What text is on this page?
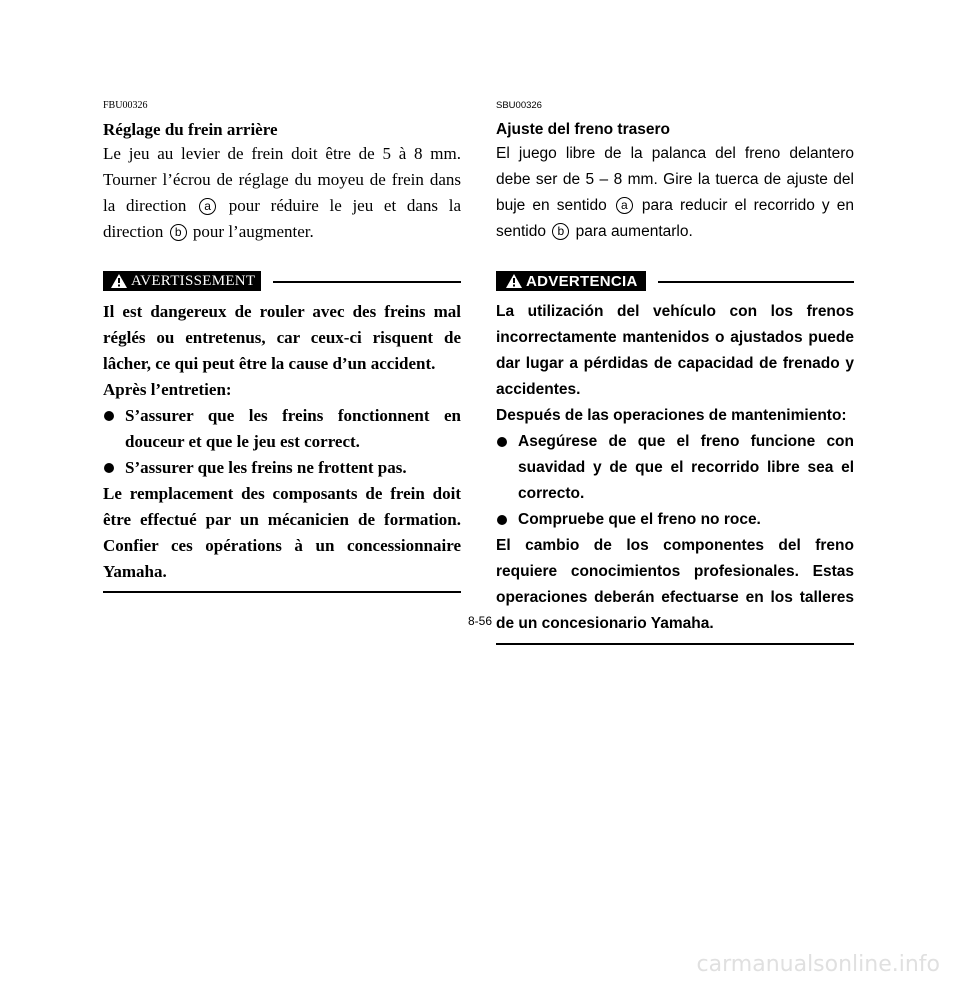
FBU00326

Réglage du frein arrière

Le jeu au levier de frein doit être de 5 à 8 mm. Tourner l’écrou de réglage du moyeu de frein dans la direction a pour réduire le jeu et dans la direction b pour l’augmenter.

AVERTISSEMENT

Il est dangereux de rouler avec des freins mal réglés ou entretenus, car ceux-ci risquent de lâcher, ce qui peut être la cause d’un accident.

Après l’entretien:

S’assurer que les freins fonctionnent en douceur et que le jeu est correct.
S’assurer que les freins ne frottent pas.

Le remplacement des composants de frein doit être effectué par un mécanicien de formation. Confier ces opérations à un concessionnaire Yamaha.

SBU00326

Ajuste del freno trasero

El juego libre de la palanca del freno delantero debe ser de 5 – 8 mm. Gire la tuerca de ajuste del buje en sentido a para reducir el recorrido y en sentido b para aumentarlo.

ADVERTENCIA

La utilización del vehículo con los frenos incorrectamente mantenidos o ajustados puede dar lugar a pérdidas de capacidad de frenado y accidentes.

Después de las operaciones de mantenimiento:

Asegúrese de que el freno funcione con suavidad y de que el recorrido libre sea el correcto.
Compruebe que el freno no roce.

El cambio de los componentes del freno requiere conocimientos profesionales. Estas operaciones deberán efectuarse en los talleres de un concesionario Yamaha.

8-56
carmanualsonline.info
